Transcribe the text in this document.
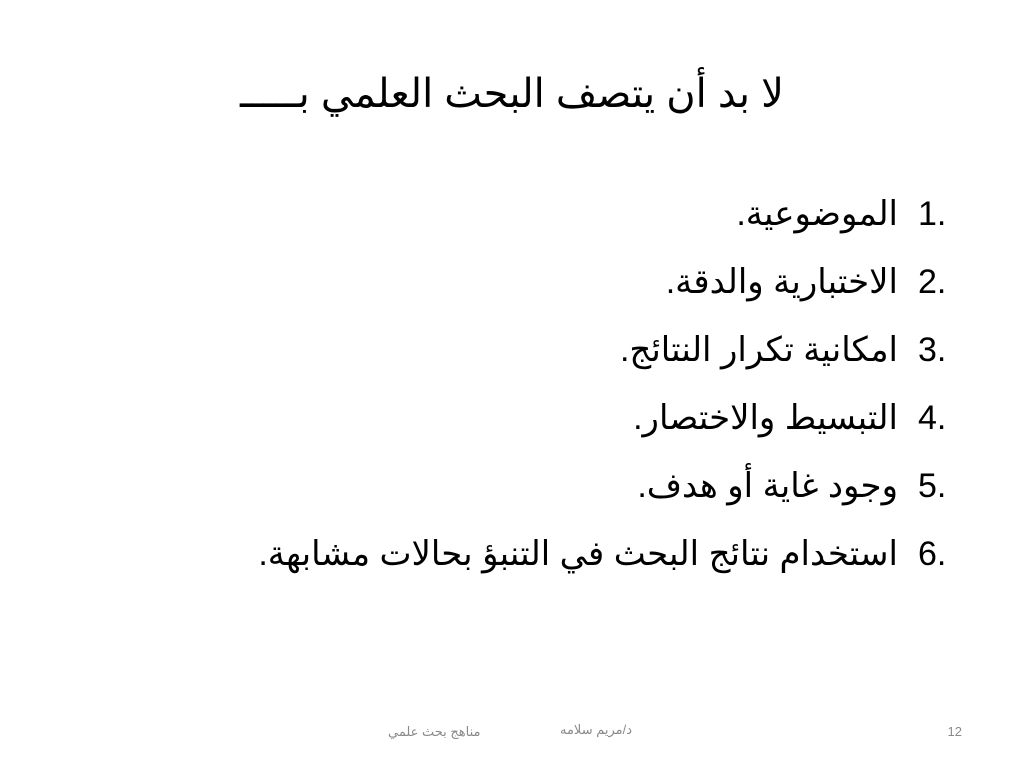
لا بد أن يتصف البحث العلمي بـــــ
1.
الموضوعية.
2.
الاختبارية والدقة.
3.
امكانية تكرار النتائج.
4.
التبسيط والاختصار.
5.
وجود غاية أو هدف.
6.
استخدام نتائج البحث في التنبؤ بحالات مشابهة.
مناهج بحث علمي	د/مريم سلامه	12
